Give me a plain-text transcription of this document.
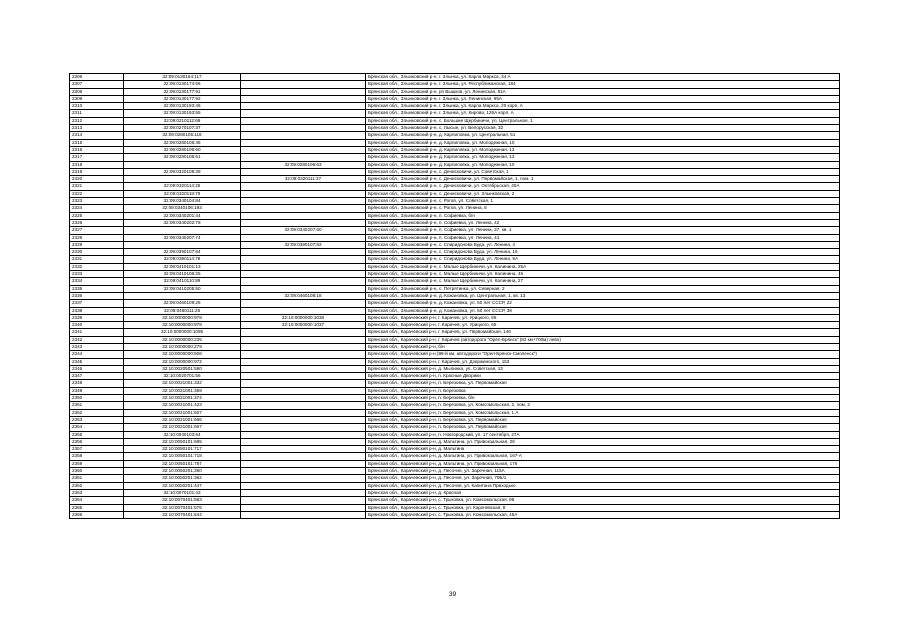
2306	32:09:0130164:117		Брянская обл., Злынковский р-н, г. Злынка, ул. Карла Маркса, 34 А
2307	32:09:0130174:66		Брянская обл., Злынковский р-н, г. Злынка, ул. Республиканская, 184
2308	32:09:0130177:91		Брянская обл., Злынковский р-н, рп Вышков, ул. Ленинская, 81А
2309	32:09:0130177:92		Брянская обл., Злынковский р-н, г. Злынка, ул. Ленинская, 95А
2310	32:09:0130193:46		Брянская обл., Злынковский р-н, г. Злынка, ул. Карла Маркса, 20 корп. А
2311	32:09:0130193:55		Брянская обл., Злынковский р-н, г. Злынка, ул. Кирова, 126А корп. А
2312	32:09:0210112:69		Брянская обл., Злынковский р-н, с. Большие Щербиничи, ул. Центральная, 1
2313	32:09:0270107:37		Брянская обл., Злынковский р-н, с. Лысые, ул. Белорусская, 32
2314	32:09:0280105:116		Брянская обл., Злынковский р-н, д. Карпиловка, ул. Центральная, 51
2315	32:09:0280106:45		Брянская обл., Злынковский р-н, д. Карпиловка, ул. Молодежная, 10
2316	32:09:0280106:60		Брянская обл., Злынковский р-н, д. Карпиловка, ул. Молодежная, 13
2317	32:09:0280106:61		Брянская обл., Злынковский р-н, д. Карпиловка, ул. Молодежная, 13
2318		32:09:0280106:63	Брянская обл., Злынковский р-н, д. Карпиловка, ул. Молодежная, 10
2319	32:09:0320109:39		Брянская обл., Злынковский р-н, с. Денисковичи, ул. Советская, 1
2320		32:09:0320111:37	Брянская обл., Злынковский р-н, с. Денисковичи, ул. Первомайская, 1, пом. 1
2321	32:09:0320114:25		Брянская обл., Злынковский р-н, с. Денисковичи, ул. Октябрьская, 40А
2322	32:09:0320118:79		Брянская обл., Злынковский р-н, с. Денисковичи, ул. Злынковская, 2
2323	32:09:0340104:84		Брянская обл., Злынковский р-н, с. Рогов, ул. Советская, 1
2324	32:09:0340106:193		Брянская обл., Злынковский р-н, с. Рогов, ул. Ленина, 8
2325	32:09:0340201:44		Брянская обл., Злынковский р-н, п. Софиевка, б/н
2326	32:09:0340202:78		Брянская обл., Злынковский р-н, п. Софиевка, ул. Ленина, 42
2327		32:09:0340207:60	Брянская обл., Злынковский р-н, п. Софиевка, ул. Ленина, 37, кв. 1
2328	32:09:0340207:74		Брянская обл., Злынковский р-н, п. Софиевка, ул. Ленина, 41
2329		32:09:0390107:82	Брянская обл., Злынковский р-н, с. Спиридонова Буда, ул. Ленина, 4
2330	32:09:0390107:84		Брянская обл., Злынковский р-н, с. Спиридонова Буда, ул. Ленина, 16
2331	32:09:0390114:78		Брянская обл., Злынковский р-н, с. Спиридонова Буда, ул. Ленина, 9А
2332	32:09:0410101:13		Брянская обл., Злынковский р-н, с. Малые Щербиничи, ул. Калинина, 25А
2333	32:09:0410106:25		Брянская обл., Злынковский р-н, с. Малые Щербиничи, ул. Калинина, 46
2334	32:09:0410110:89		Брянская обл., Злынковский р-н, с. Малые Щербиничи, ул. Калинина, 27
2335	32:09:0410205:50		Брянская обл., Злынковский р-н, с. Петрятинка, ул. Северная, 2
2336		32:09:0460108:18	Брянская обл., Злынковский р-н, д. Кожановка, ул. Центральная, 1, кв. 13
2337	32:09:0460109:26		Брянская обл., Злынковский р-н, д. Кожановка, ул. 50 лет СССР, 22
2338	32:09:0460111:26		Брянская обл., Злынковский р-н, д. Кожановка, ул. 50 лет СССР, 39
2339	32:10:0000000:978	32:10:0000000:1036	Брянская обл., Карачевский р-н, г. Карачев, ул. Урицкого, 65
2340	32:10:0000000:978	32:10:0000000:1037	Брянская обл., Карачевский р-н, г. Карачев, ул. Урицкого, 65
2341	32:10:0000000:1095		Брянская обл., Карачевский р-н, г. Карачев, ул. Первомайская, 146
2342	32:10:0000000:235		Брянская обл., Карачевский р-н, г. Карачев (автодорога "Орёл-Брянск" (82 км+700м) лево)
2343	32:10:0000000:279		Брянская обл., Карачевский р-н, б/н
2344	32:10:0000000:506		Брянская обл., Карачевский р-н (88-й км. автодороги "Орел-Брянск-Смоленск")
2345	32:10:0000000:972		Брянская обл., Карачевский р-н, г. Карачев, ул. Дзержинского, 153
2346	32:10:0020501:580		Брянская обл., Карачевский р-н, д. Мылинка, ул. Советская, 13
2347	32:10:0020701:56		Брянская обл., Карачевский р-н, п. Красные Дворики
2348	32:10:0021001:332		Брянская обл., Карачевский р-н, п. Березовка, ул. Первомайская
2349	32:10:0021001:369		Брянская обл., Карачевский р-н, п. Березовка
2350	32:10:0021001:374		Брянская обл., Карачевский р-н, п. Березовка, б/н
2351	32:10:0021001:423		Брянская обл., Карачевский р-н, п. Березовка, ул. Комсомольская, 2, пом. 2
2352	32:10:0021001:607		Брянская обл., Карачевский р-н, п. Березовка, ул. Комсомольская, 1 А
2353	32:10:0021001:666		Брянская обл., Карачевский р-н, п. Березовка, ул. Первомайская
2354	32:10:0021001:667		Брянская обл., Карачевский р-н, п. Березовка, ул. Первомайская
2355	32:10:0040103:64		Брянская обл., Карачевский р-н, п. Новгородский, ул. 17 сентября, 27А
2356	32:10:0050101:685		Брянская обл., Карачевский р-н, д. Мальтина, ул. Привокзальная, 26
2357	32:10:0050101:717		Брянская обл., Карачевский р-н, д. Мальтина
2358	32:10:0050101:718		Брянская обл., Карачевский р-н, д. Мальтина, ул. Привокзальная, 167-А
2359	32:10:0050101:787		Брянская обл., Карачевский р-н, д. Мальтина, ул. Привокзальная, 176
2360	32:10:0050201:360		Брянская обл., Карачевский р-н, д. Песочня, ул. Заречная, 115А
2361	32:10:0050201:362		Брянская обл., Карачевский р-н, д. Песочня, ул. Заречная, 70Б/1
2362	32:10:0050201:447		Брянская обл., Карачевский р-н, д. Песочня, ул. Капитана Приходько
2363	32:10:0070101:43		Брянская обл., Карачевский р-н, д. Красная
2364	32:10:0070401:563		Брянская обл., Карачевский р-н, с. Трыковка, ул. Комсомольская, 98
2365	32:10:0070401:576		Брянская обл., Карачевский р-н, с. Трыковка, ул. Карачевская, 8
2366	32:10:0070401:644		Брянская обл., Карачевский р-н, с. Трыковка, ул. Комсомольская, 45А
39
